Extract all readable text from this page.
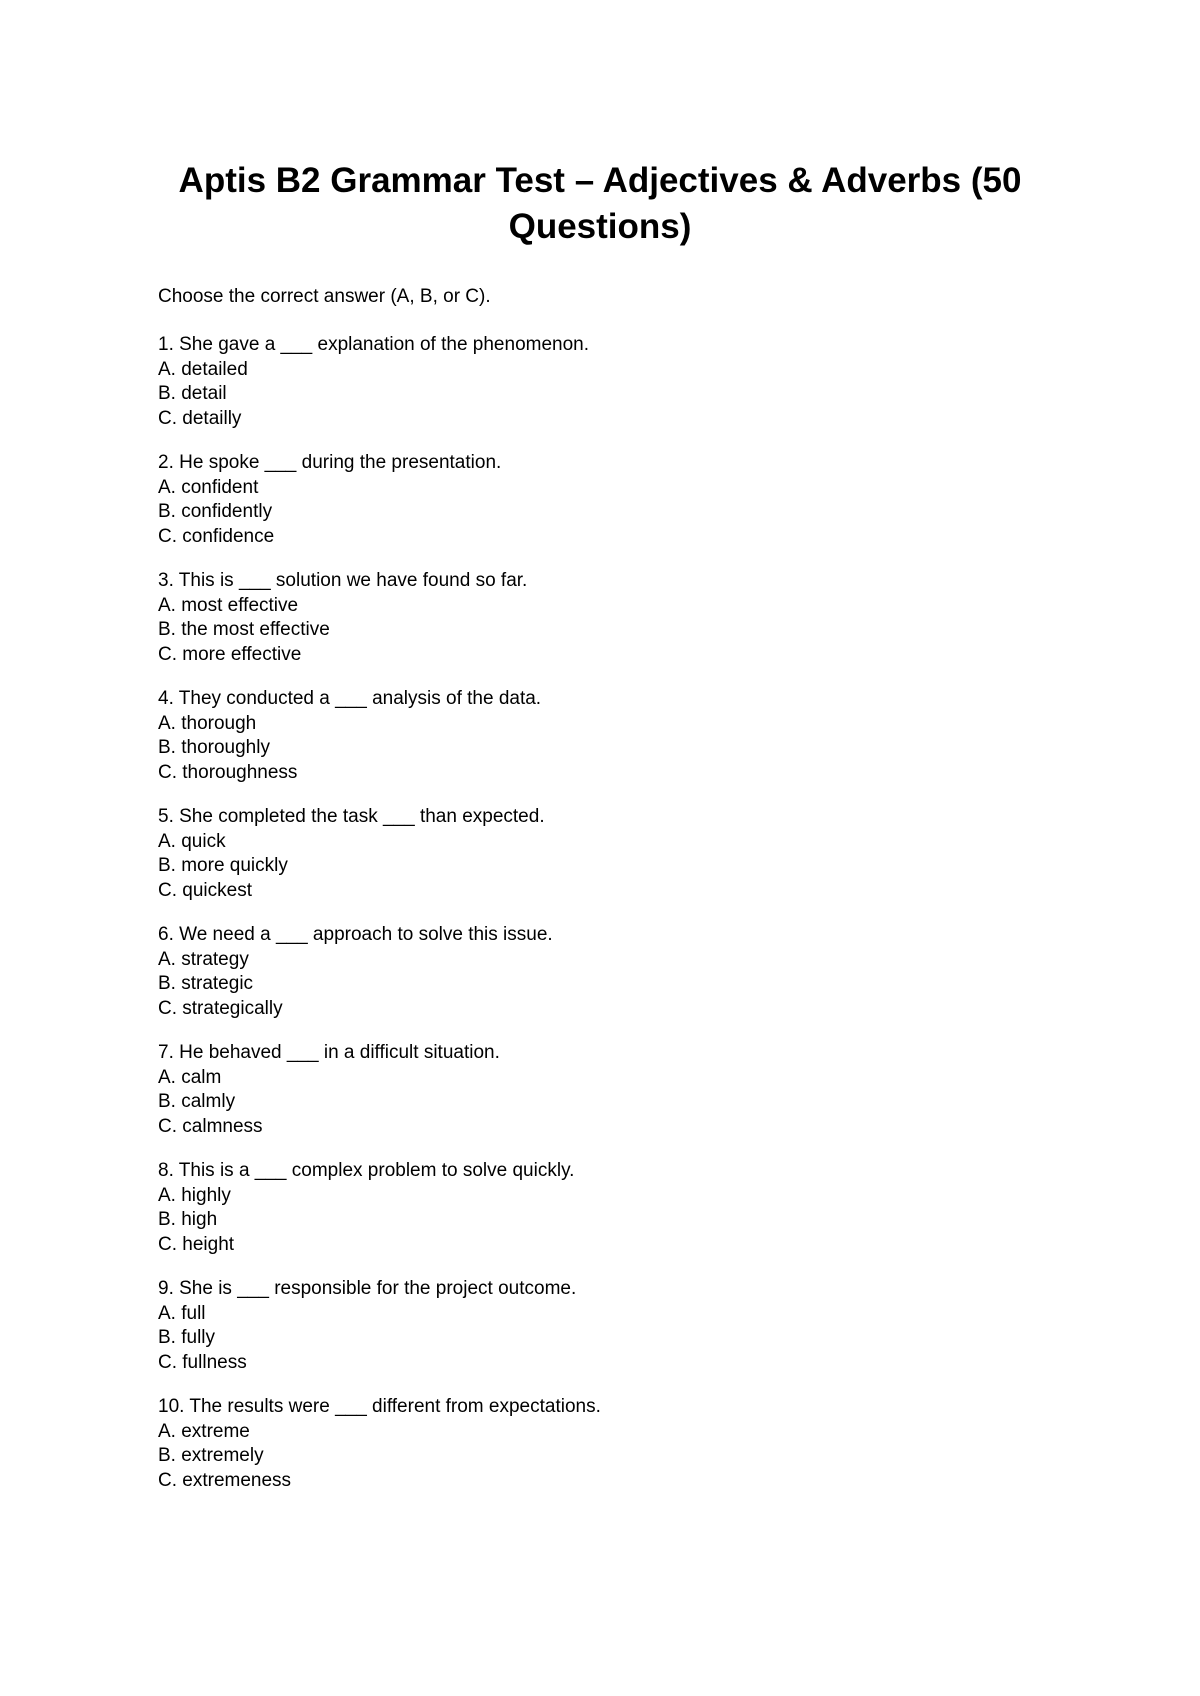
Aptis B2 Grammar Test – Adjectives & Adverbs (50 Questions)

Choose the correct answer (A, B, or C).

1. She gave a ___ explanation of the phenomenon.
A. detailed
B. detail
C. detailly
2. He spoke ___ during the presentation.
A. confident
B. confidently
C. confidence
3. This is ___ solution we have found so far.
A. most effective
B. the most effective
C. more effective
4. They conducted a ___ analysis of the data.
A. thorough
B. thoroughly
C. thoroughness
5. She completed the task ___ than expected.
A. quick
B. more quickly
C. quickest
6. We need a ___ approach to solve this issue.
A. strategy
B. strategic
C. strategically
7. He behaved ___ in a difficult situation.
A. calm
B. calmly
C. calmness
8. This is a ___ complex problem to solve quickly.
A. highly
B. high
C. height
9. She is ___ responsible for the project outcome.
A. full
B. fully
C. fullness
10. The results were ___ different from expectations.
A. extreme
B. extremely
C. extremeness
